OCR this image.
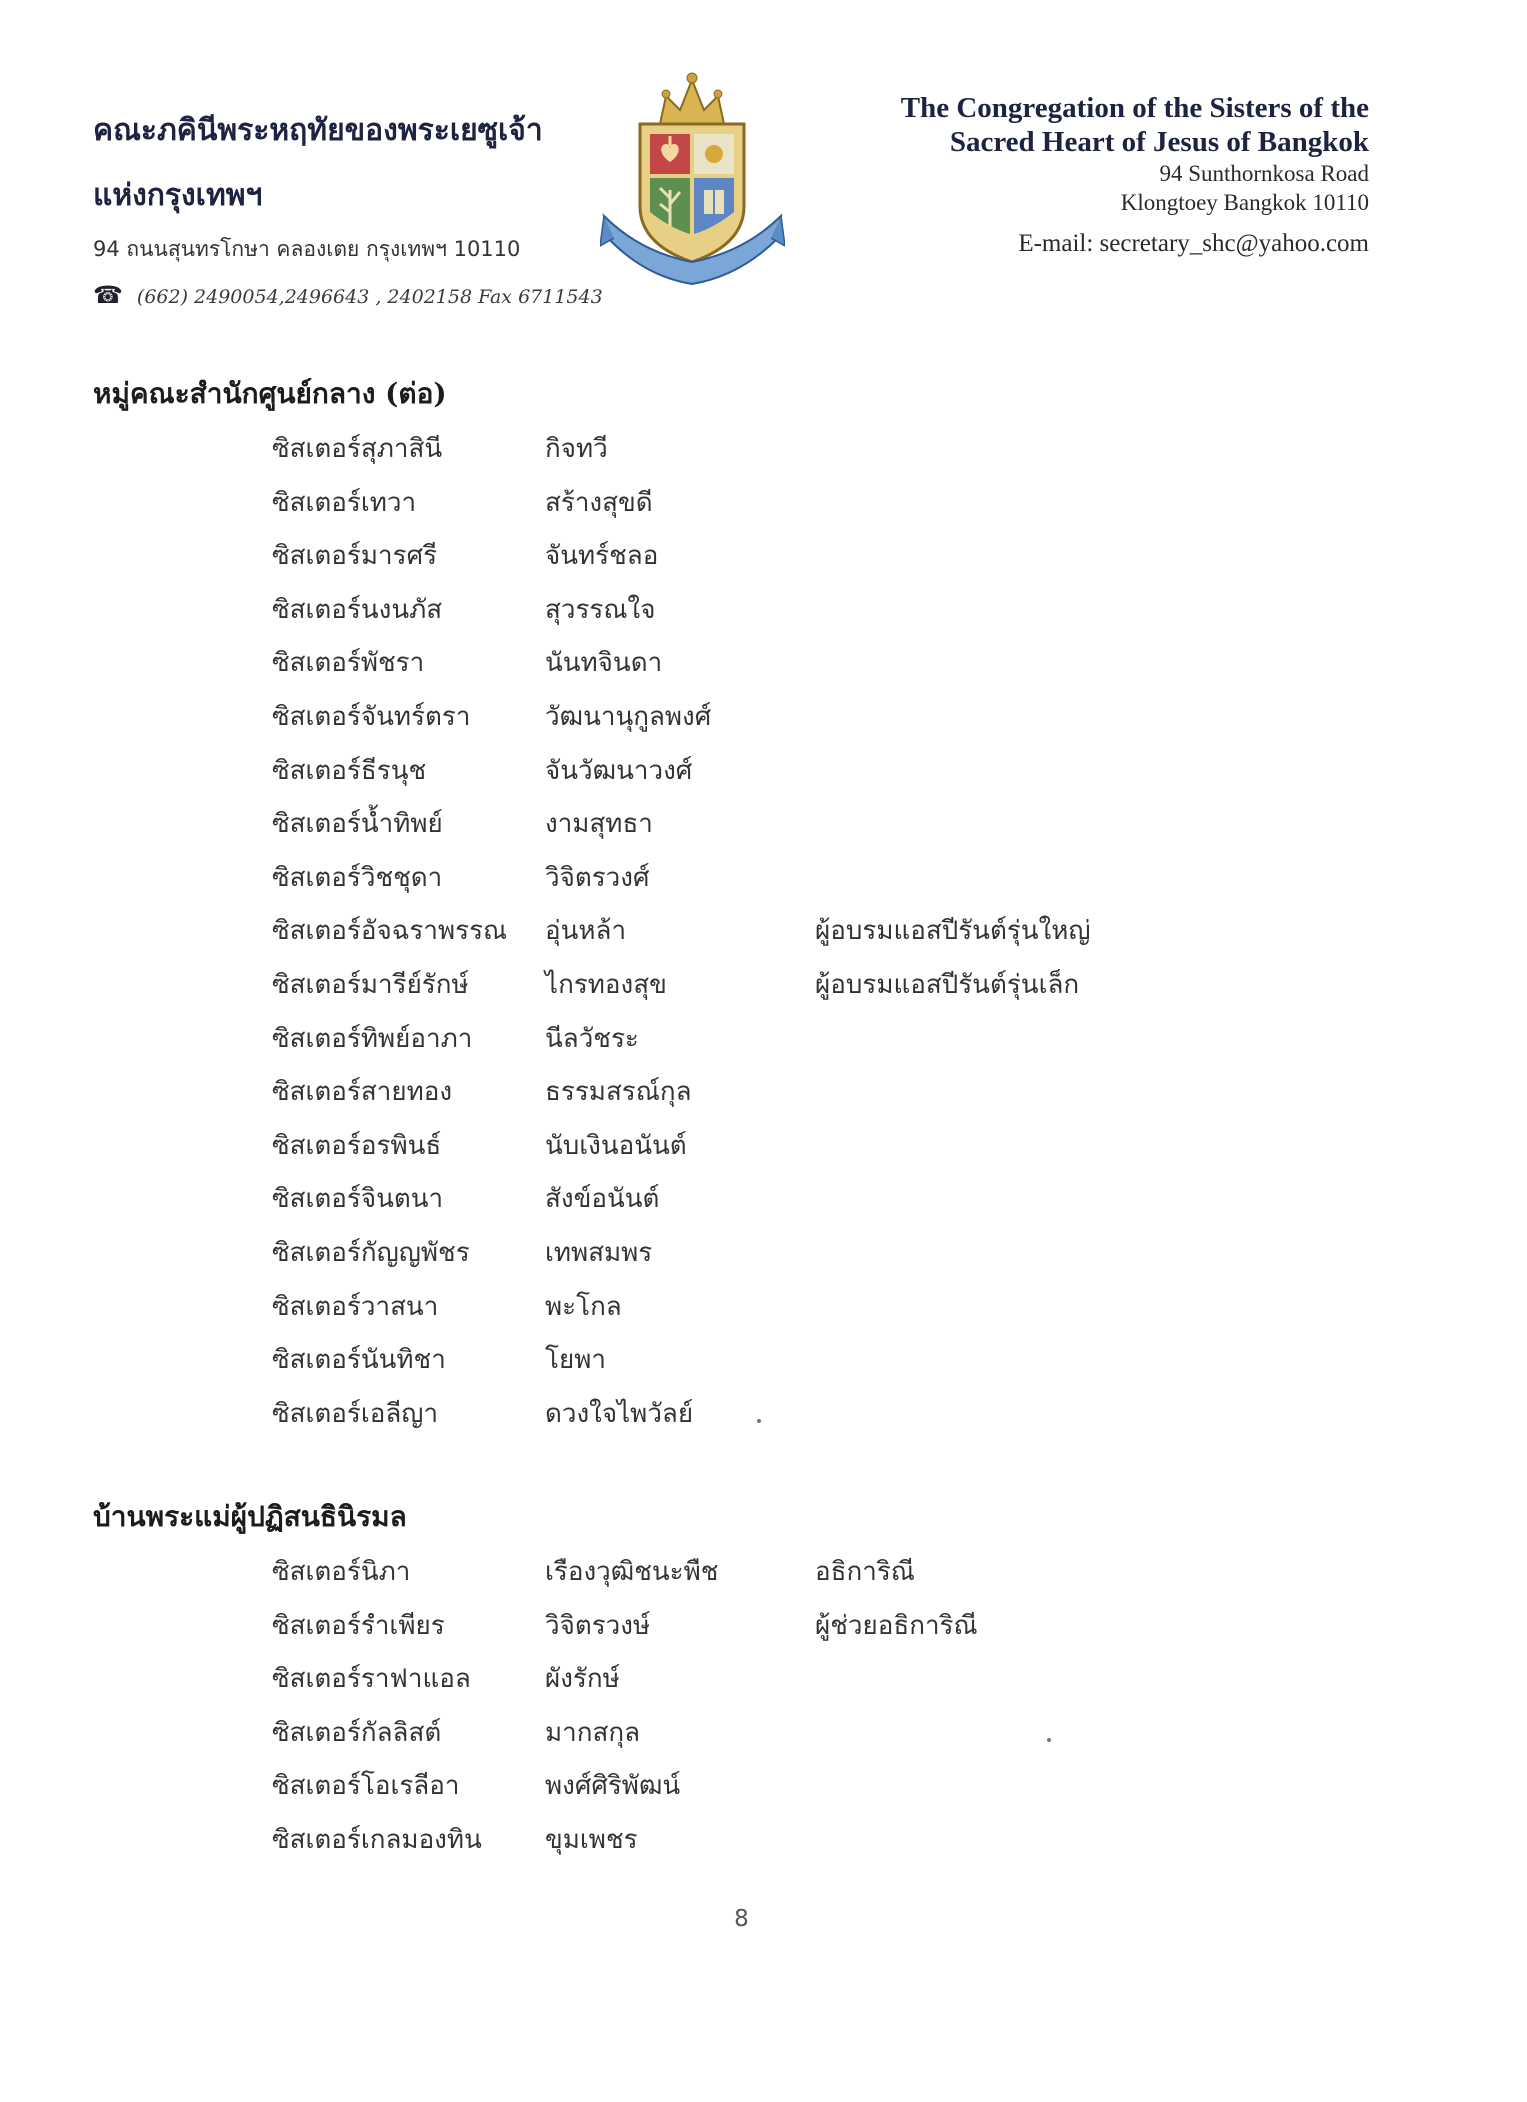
คณะภคินีพระหฤทัยของพระเยซูเจ้า
แห่งกรุงเทพฯ
94 ถนนสุนทรโกษา คลองเตย กรุงเทพฯ 10110
☎ (662) 2490054,2496643 , 2402158 Fax 6711543
The Congregation of the Sisters of the
Sacred Heart of Jesus of Bangkok
94 Sunthornkosa Road
Klongtoey Bangkok 10110
E-mail: secretary_shc@yahoo.com
หมู่คณะสำนักศูนย์กลาง (ต่อ)
ซิสเตอร์สุภาสินี	กิจทวี
ซิสเตอร์เทวา	สร้างสุขดี
ซิสเตอร์มารศรี	จันทร์ชลอ
ซิสเตอร์นงนภัส	สุวรรณใจ
ซิสเตอร์พัชรา	นันทจินดา
ซิสเตอร์จันทร์ตรา	วัฒนานุกูลพงศ์
ซิสเตอร์ธีรนุช	จันวัฒนาวงศ์
ซิสเตอร์น้ำทิพย์	งามสุทธา
ซิสเตอร์วิชชุดา	วิจิตรวงศ์
ซิสเตอร์อัจฉราพรรณ อุ่นหล้า	ผู้อบรมแอสปีรันต์รุ่นใหญ่
ซิสเตอร์มารีย์รักษ์	ไกรทองสุข	ผู้อบรมแอสปีรันต์รุ่นเล็ก
ซิสเตอร์ทิพย์อาภา	นีลวัชระ
ซิสเตอร์สายทอง	ธรรมสรณ์กุล
ซิสเตอร์อรพินธ์	นับเงินอนันต์
ซิสเตอร์จินตนา	สังข์อนันต์
ซิสเตอร์กัญญพัชร	เทพสมพร
ซิสเตอร์วาสนา	พะโกล
ซิสเตอร์นันทิชา	โยพา
ซิสเตอร์เอลีญา	ดวงใจไพวัลย์
บ้านพระแม่ผู้ปฏิสนธินิรมล
ซิสเตอร์นิภา	เรืองวุฒิชนะพืช	อธิการิณี
ซิสเตอร์รำเพียร	วิจิตรวงษ์	ผู้ช่วยอธิการิณี
ซิสเตอร์ราฟาแอล	ผังรักษ์
ซิสเตอร์กัลลิสต์	มากสกุล
ซิสเตอร์โอเรลีอา	พงศ์ศิริพัฒน์
ซิสเตอร์เกลมองทิน ขุมเพชร
8
